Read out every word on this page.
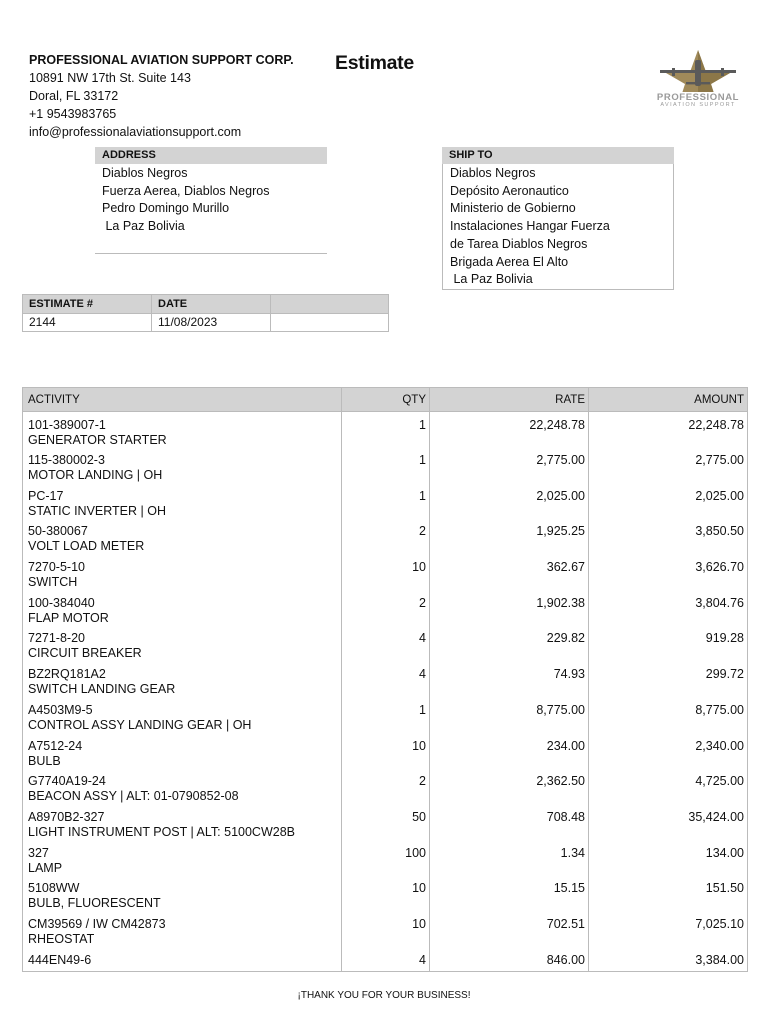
PROFESSIONAL AVIATION SUPPORT CORP.
10891 NW 17th St. Suite 143
Doral, FL 33172
+1 9543983765
info@professionalaviationsupport.com
Estimate
PROFESSIONAL
AVIATION SUPPORT
ADDRESS
Diablos Negros
Fuerza Aerea, Diablos Negros
Pedro Domingo Murillo
La Paz Bolivia
SHIP TO
Diablos Negros
Depósito Aeronautico
Ministerio de Gobierno
Instalaciones Hangar Fuerza
de Tarea Diablos Negros
Brigada Aerea El Alto
La Paz Bolivia
ESTIMATE #	DATE	
2144	11/08/2023	
ACTIVITY	QTY	RATE	AMOUNT

101-389007-1
GENERATOR STARTER	1	22,248.78	22,248.78

115-380002-3
MOTOR LANDING | OH	1	2,775.00	2,775.00

PC-17
STATIC INVERTER | OH	1	2,025.00	2,025.00

50-380067
VOLT LOAD METER	2	1,925.25	3,850.50

7270-5-10
SWITCH	10	362.67	3,626.70

100-384040
FLAP MOTOR	2	1,902.38	3,804.76

7271-8-20
CIRCUIT BREAKER	4	229.82	919.28

BZ2RQ181A2
SWITCH LANDING GEAR	4	74.93	299.72

A4503M9-5
CONTROL ASSY LANDING GEAR | OH	1	8,775.00	8,775.00

A7512-24
BULB	10	234.00	2,340.00

G7740A19-24
BEACON ASSY | ALT: 01-0790852-08	2	2,362.50	4,725.00

A8970B2-327
LIGHT INSTRUMENT POST | ALT: 5100CW28B	50	708.48	35,424.00

327
LAMP	100	1.34	134.00

5108WW
BULB, FLUORESCENT	10	15.15	151.50

CM39569 / IW CM42873
RHEOSTAT	10	702.51	7,025.10

444EN49-6	4	846.00	3,384.00
¡THANK YOU FOR YOUR BUSINESS!
